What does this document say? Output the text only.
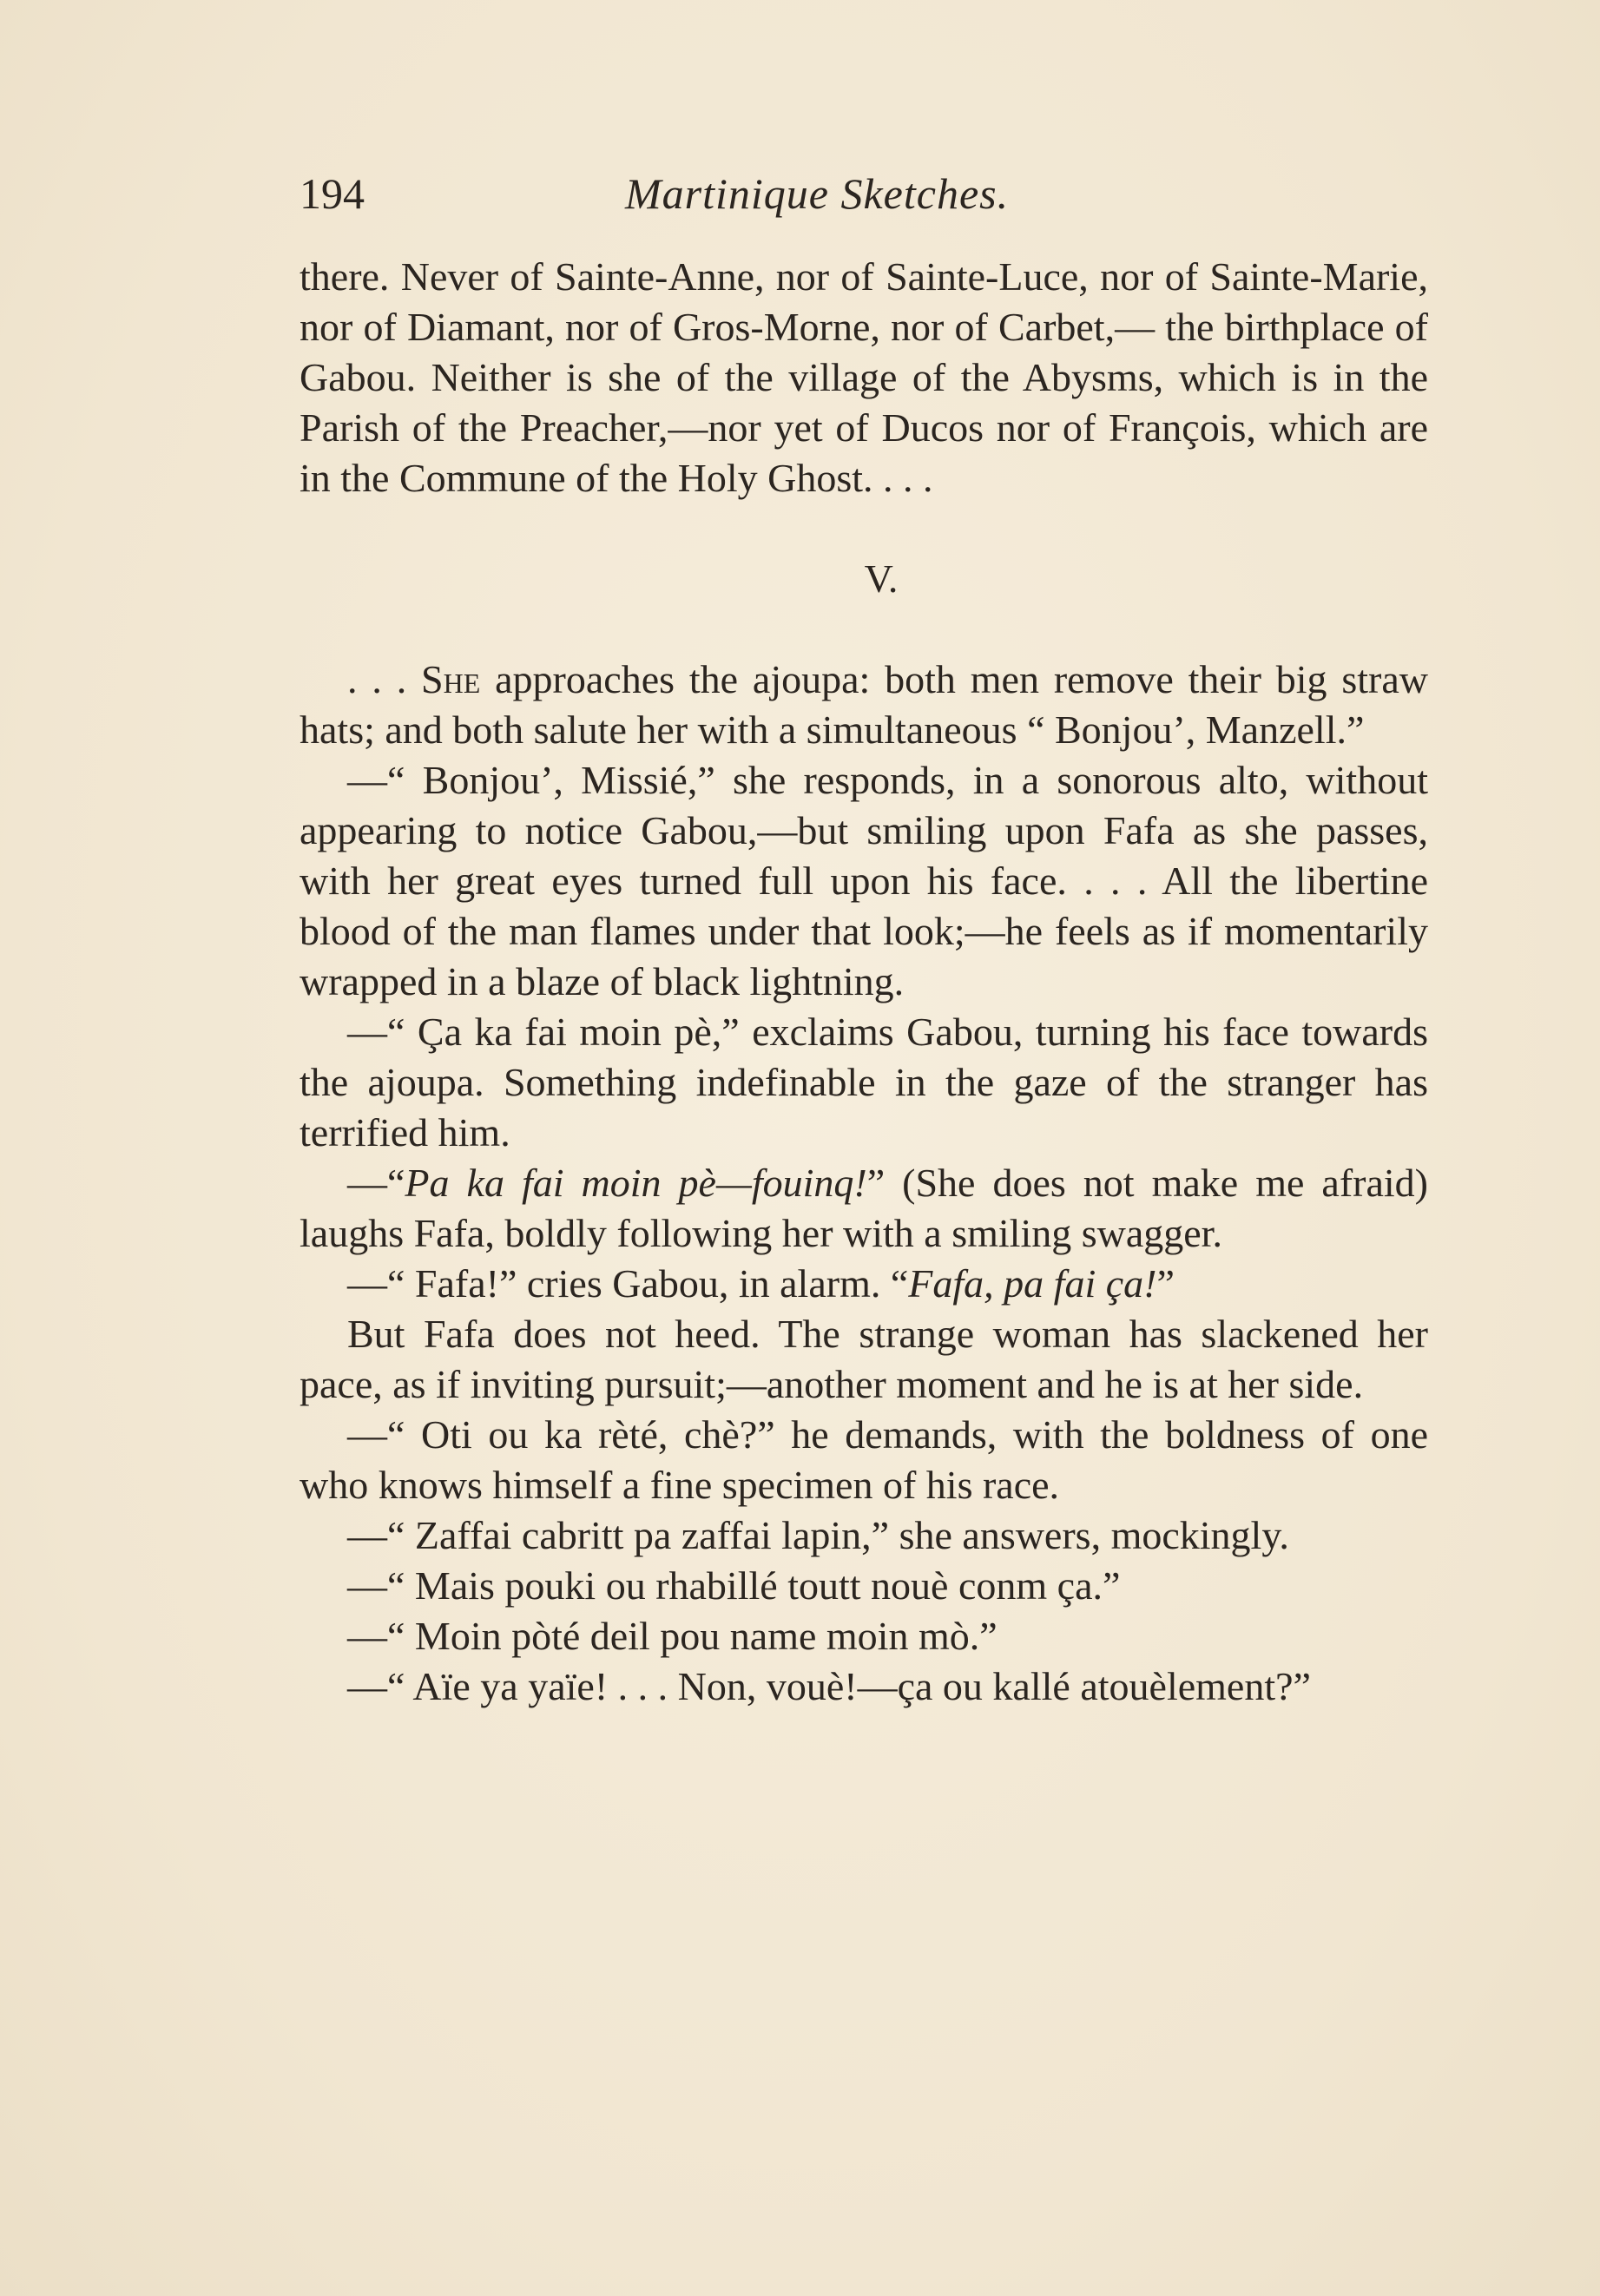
194	Martinique Sketches.

there. Never of Sainte-Anne, nor of Sainte-Luce, nor of Sainte-Marie, nor of Diamant, nor of Gros-Morne, nor of Carbet,— the birthplace of Gabou. Neither is she of the village of the Abysms, which is in the Parish of the Preacher,—nor yet of Ducos nor of François, which are in the Commune of the Holy Ghost. . . .

V.

. . . She approaches the ajoupa: both men remove their big straw hats; and both salute her with a simultaneous “ Bonjou’, Manzell.”

—“ Bonjou’, Missié,” she responds, in a sonorous alto, without appearing to notice Gabou,—but smiling upon Fafa as she passes, with her great eyes turned full upon his face. . . . All the libertine blood of the man flames under that look;—he feels as if momentarily wrapped in a blaze of black lightning.

—“ Ça ka fai moin pè,” exclaims Gabou, turning his face towards the ajoupa. Something indefinable in the gaze of the stranger has terrified him.

—“Pa ka fai moin pè—fouinq!” (She does not make me afraid) laughs Fafa, boldly following her with a smiling swagger.

—“ Fafa!” cries Gabou, in alarm. “Fafa, pa fai ça!”

But Fafa does not heed. The strange woman has slackened her pace, as if inviting pursuit;—another moment and he is at her side.

—“ Oti ou ka rèté, chè?” he demands, with the boldness of one who knows himself a fine specimen of his race.

—“ Zaffai cabritt pa zaffai lapin,” she answers, mockingly.

—“ Mais pouki ou rhabillé toutt nouè conm ça.”

—“ Moin pòté deil pou name moin mò.”

—“ Aïe ya yaïe! . . . Non, vouè!—ça ou kallé atouèlement?”
